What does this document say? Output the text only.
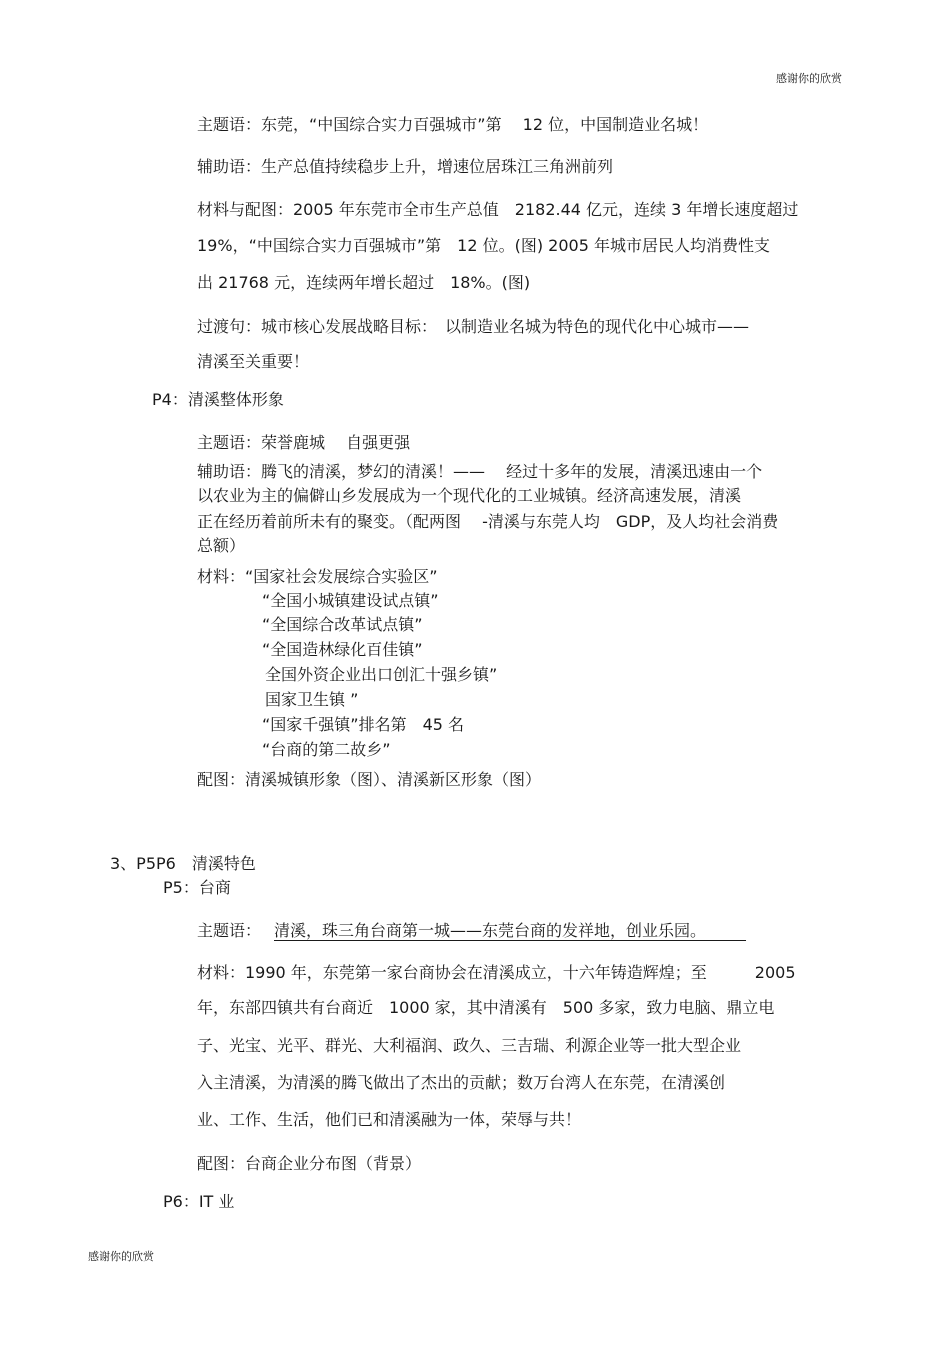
感谢你的欣赏
主题语：东莞，“中国综合实力百强城市”第　 12 位，中国制造业名城！
辅助语：生产总值持续稳步上升，增速位居珠江三角洲前列
材料与配图：2005 年东莞市全市生产总值　2182.44 亿元，连续 3 年增长速度超过
19%，“中国综合实力百强城市”第　12 位。(图) 2005 年城市居民人均消费性支
出 21768 元，连续两年增长超过　18%。(图)
过渡句：城市核心发展战略目标：　以制造业名城为特色的现代化中心城市——
清溪至关重要！
P4：清溪整体形象
主题语：荣誉鹿城　 自强更强
辅助语：腾飞的清溪，梦幻的清溪！——　 经过十多年的发展，清溪迅速由一个
以农业为主的偏僻山乡发展成为一个现代化的工业城镇。经济高速发展，清溪
正在经历着前所未有的聚变。（配两图　 -清溪与东莞人均　GDP，及人均社会消费
总额）
材料：“国家社会发展综合实验区”
“全国小城镇建设试点镇”
“全国综合改革试点镇”
“全国造林绿化百佳镇”
全国外资企业出口创汇十强乡镇”
国家卫生镇 ”
“国家千强镇”排名第　45 名
“台商的第二故乡”
配图：清溪城镇形象（图）、清溪新区形象（图）
3、P5P6　清溪特色
P5：台商
主题语： 清溪，珠三角台商第一城——东莞台商的发祥地，创业乐园。　　　
材料：1990 年，东莞第一家台商协会在清溪成立，十六年铸造辉煌；至　　　2005
年，东部四镇共有台商近　1000 家，其中清溪有　500 多家，致力电脑、鼎立电
子、光宝、光平、群光、大利福润、政久、三吉瑞、利源企业等一批大型企业
入主清溪，为清溪的腾飞做出了杰出的贡献；数万台湾人在东莞，在清溪创
业、工作、生活，他们已和清溪融为一体，荣辱与共！
配图：台商企业分布图（背景）
P6：IT 业
感谢你的欣赏
